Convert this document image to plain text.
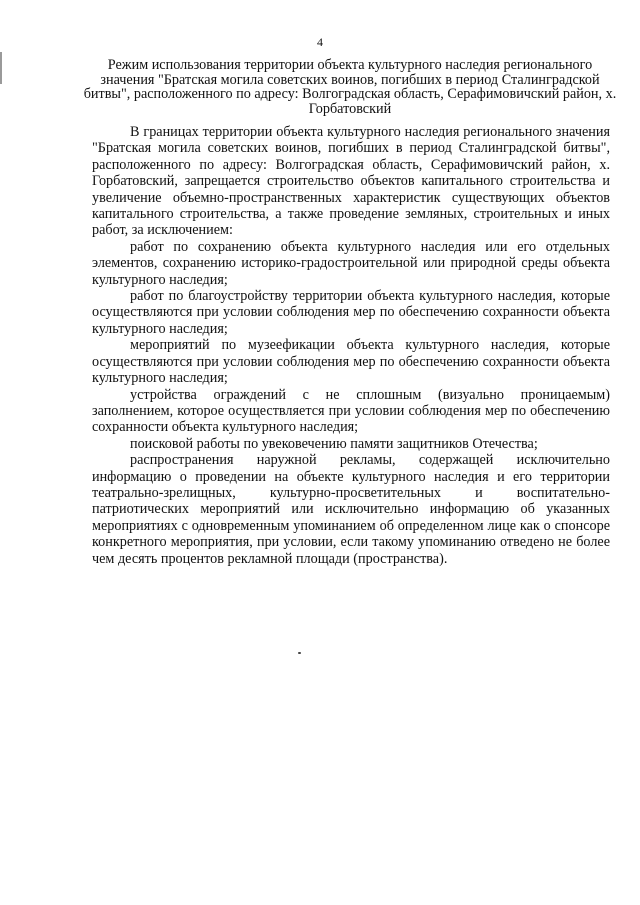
4
Режим использования территории объекта культурного наследия регионального значения "Братская могила советских воинов, погибших в период Сталинградской битвы", расположенного по адресу: Волгоградская область, Серафимовичский район, х. Горбатовский

В границах территории объекта культурного наследия регионального значения "Братская могила советских воинов, погибших в период Сталинградской битвы", расположенного по адресу: Волгоградская область, Серафимовичский район, х. Горбатовский, запрещается строительство объектов капитального строительства и увеличение объемно-пространственных характеристик существующих объектов капитального строительства, а также проведение земляных, строительных и иных работ, за исключением:

работ по сохранению объекта культурного наследия или его отдельных элементов, сохранению историко-градостроительной или природной среды объекта культурного наследия;

работ по благоустройству территории объекта культурного наследия, которые осуществляются при условии соблюдения мер по обеспечению сохранности объекта культурного наследия;

мероприятий по музеефикации объекта культурного наследия, которые осуществляются при условии соблюдения мер по обеспечению сохранности объекта культурного наследия;

устройства ограждений с не сплошным (визуально проницаемым) заполнением, которое осуществляется при условии соблюдения мер по обеспечению сохранности объекта культурного наследия;

поисковой работы по увековечению памяти защитников Отечества;

распространения наружной рекламы, содержащей исключительно информацию о проведении на объекте культурного наследия и его территории театрально-зрелищных, культурно-просветительных и воспитательно-патриотических мероприятий или исключительно информацию об указанных мероприятиях с одновременным упоминанием об определенном лице как о спонсоре конкретного мероприятия, при условии, если такому упоминанию отведено не более чем десять процентов рекламной площади (пространства).
